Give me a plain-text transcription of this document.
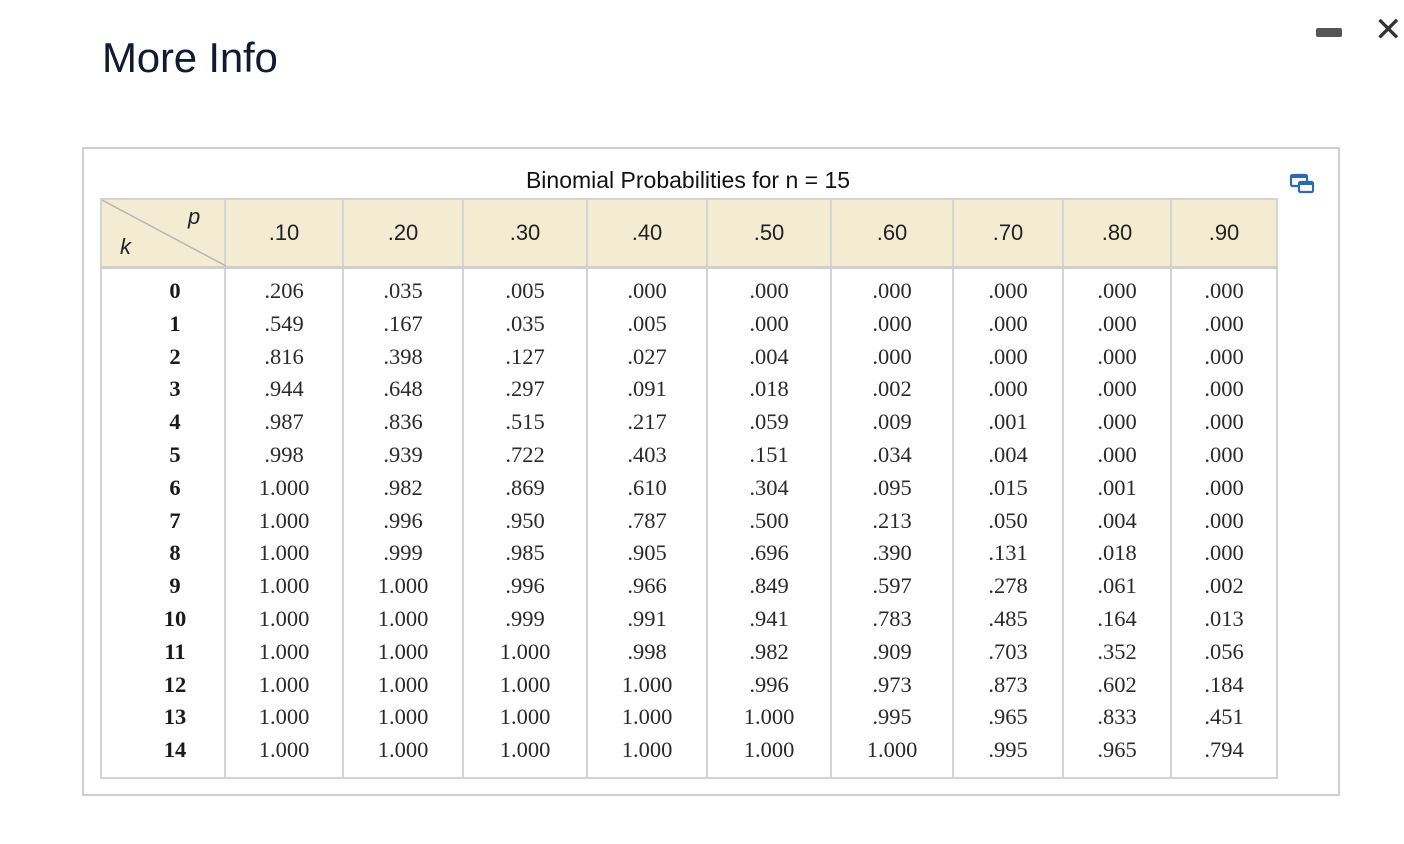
More Info
✕
Binomial Probabilities for n = 15
p
k	.10	.20	.30	.40	.50	.60	.70	.80	.90
0	.206	.035	.005	.000	.000	.000	.000	.000	.000
1	.549	.167	.035	.005	.000	.000	.000	.000	.000
2	.816	.398	.127	.027	.004	.000	.000	.000	.000
3	.944	.648	.297	.091	.018	.002	.000	.000	.000
4	.987	.836	.515	.217	.059	.009	.001	.000	.000
5	.998	.939	.722	.403	.151	.034	.004	.000	.000
6	1.000	.982	.869	.610	.304	.095	.015	.001	.000
7	1.000	.996	.950	.787	.500	.213	.050	.004	.000
8	1.000	.999	.985	.905	.696	.390	.131	.018	.000
9	1.000	1.000	.996	.966	.849	.597	.278	.061	.002
10	1.000	1.000	.999	.991	.941	.783	.485	.164	.013
11	1.000	1.000	1.000	.998	.982	.909	.703	.352	.056
12	1.000	1.000	1.000	1.000	.996	.973	.873	.602	.184
13	1.000	1.000	1.000	1.000	1.000	.995	.965	.833	.451
14	1.000	1.000	1.000	1.000	1.000	1.000	.995	.965	.794
